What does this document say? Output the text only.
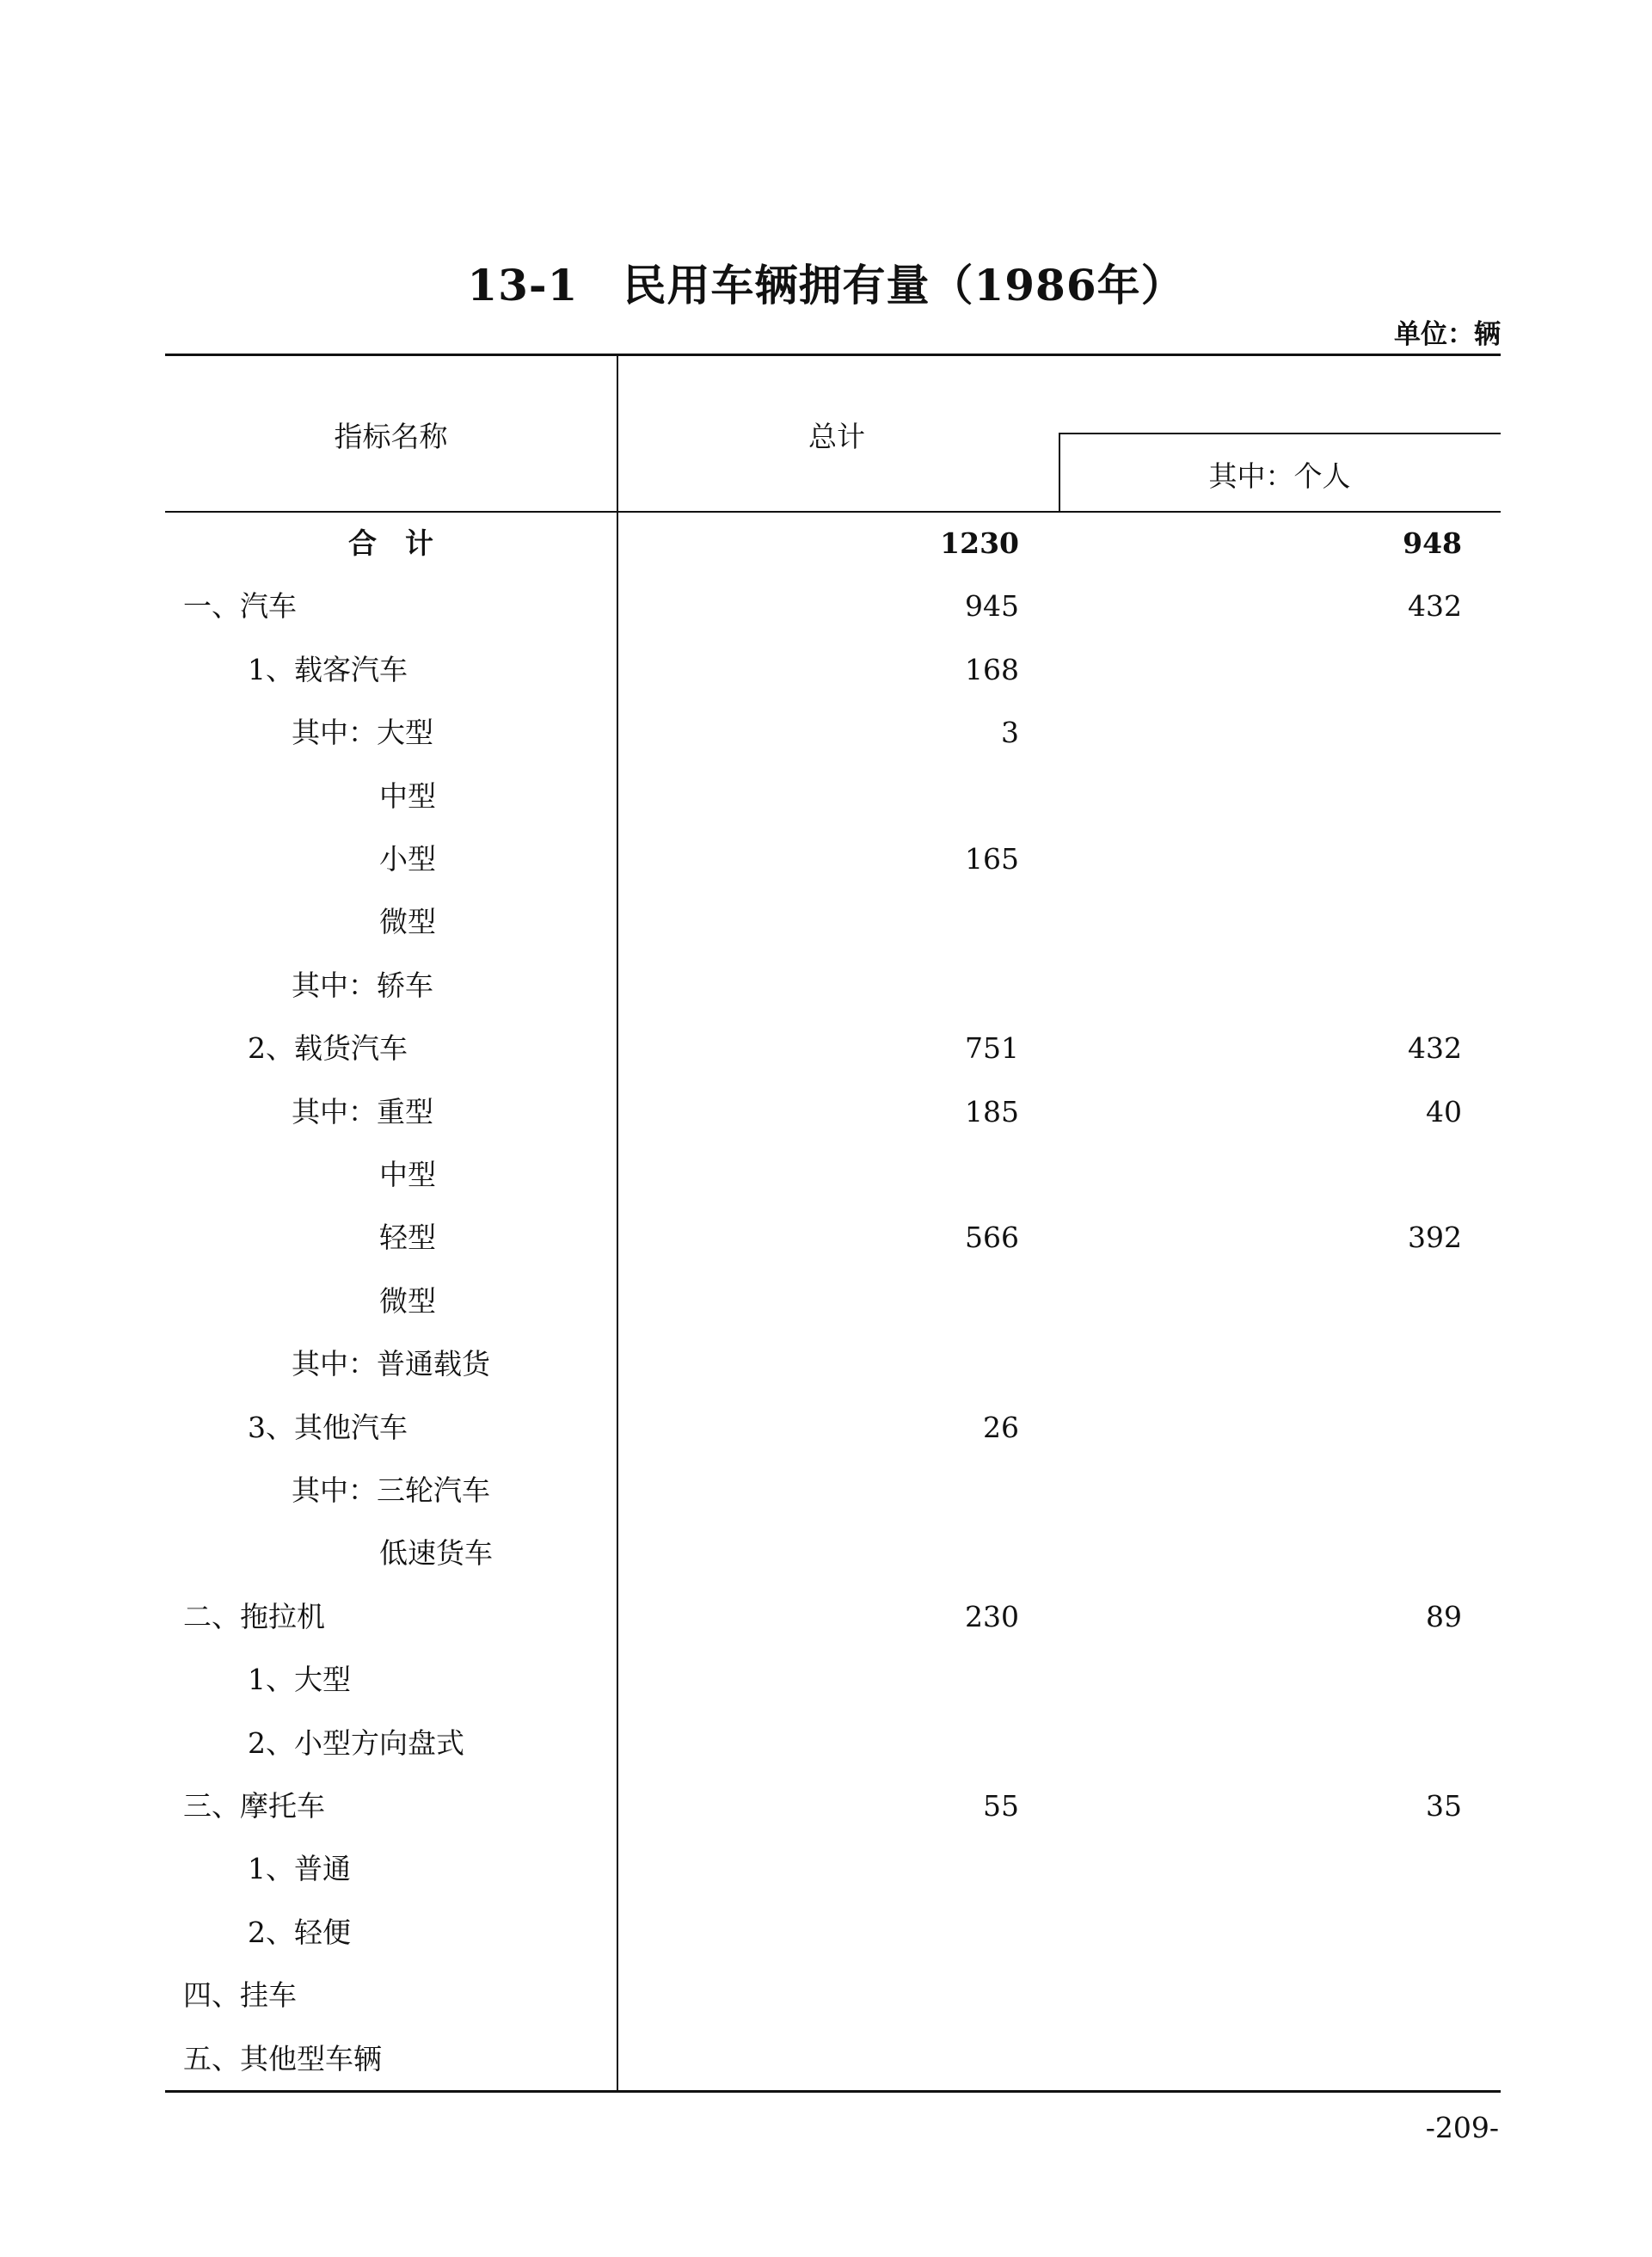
13-1 民用车辆拥有量（1986年）
单位：辆
指标名称	总计
其中：个人
合　计	1230	948
一、汽车	945	432
1、载客汽车	168
其中：大型	3
中型
小型	165
微型
其中：轿车
2、载货汽车	751	432
其中：重型	185	40
中型
轻型	566	392
微型
其中：普通载货
3、其他汽车	26
其中：三轮汽车
低速货车
二、拖拉机	230	89
1、大型
2、小型方向盘式
三、摩托车	55	35
1、普通
2、轻便
四、挂车
五、其他型车辆
-209-
